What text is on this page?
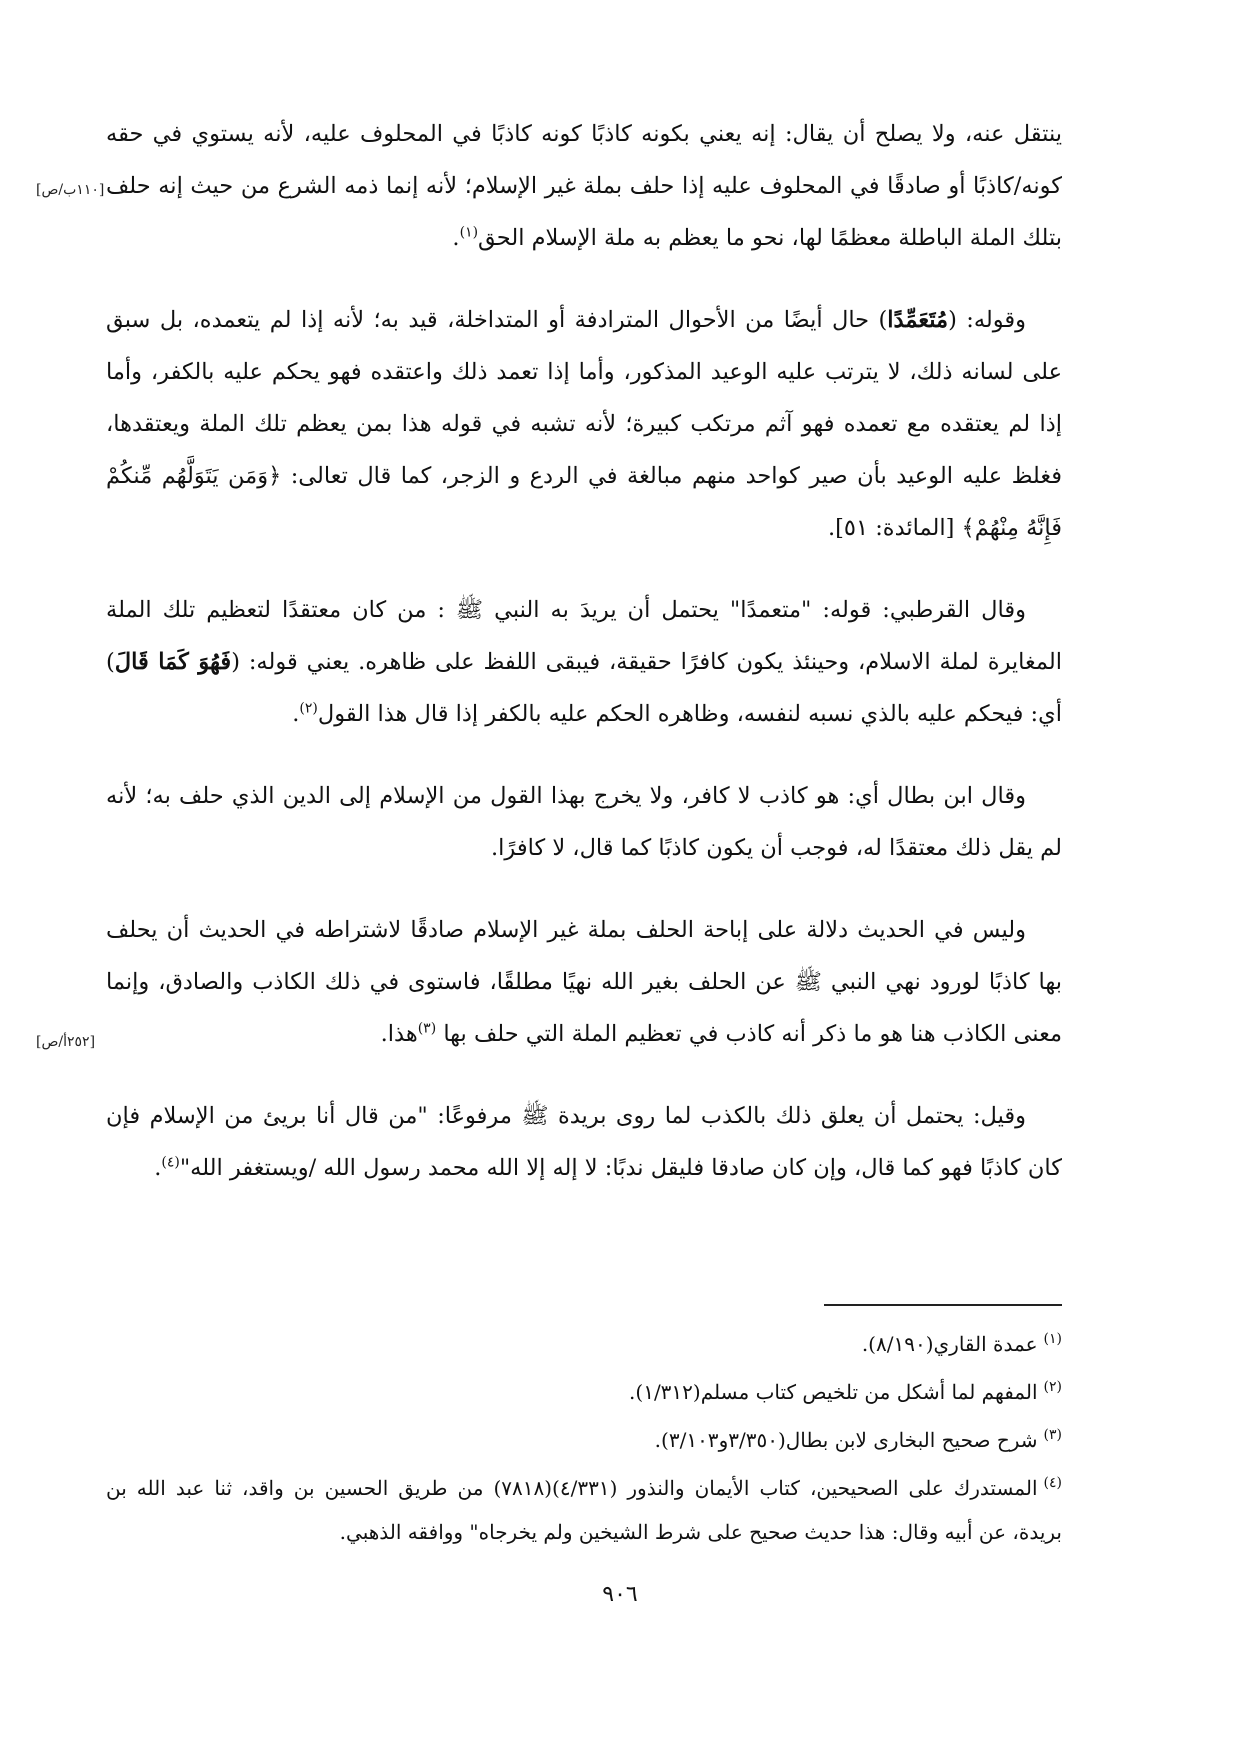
[١١٠ب/ص]
[٢٥٢أ/ص]

ينتقل عنه، ولا يصلح أن يقال: إنه يعني بكونه كاذبًا كونه كاذبًا في المحلوف عليه، لأنه يستوي في حقه كونه/كاذبًا أو صادقًا في المحلوف عليه إذا حلف بملة غير الإسلام؛ لأنه إنما ذمه الشرع من حيث إنه حلف بتلك الملة الباطلة معظمًا لها، نحو ما يعظم به ملة الإسلام الحق$^{(١)}$.

وقوله: (مُتَعَمِّدًا) حال أيضًا من الأحوال المترادفة أو المتداخلة، قيد به؛ لأنه إذا لم يتعمده، بل سبق على لسانه ذلك، لا يترتب عليه الوعيد المذكور، وأما إذا تعمد ذلك واعتقده فهو يحكم عليه بالكفر، وأما إذا لم يعتقده مع تعمده فهو آثم مرتكب كبيرة؛ لأنه تشبه في قوله هذا بمن يعظم تلك الملة ويعتقدها، فغلظ عليه الوعيد بأن صير كواحد منهم مبالغة في الردع و الزجر، كما قال تعالى: ﴿وَمَن يَتَوَلَّهُم مِّنكُمْ فَإِنَّهُ مِنْهُمْ﴾ [المائدة: ٥١].

وقال القرطبي: قوله: "متعمدًا" يحتمل أن يريدَ به النبي ﷺ : من كان معتقدًا لتعظيم تلك الملة المغايرة لملة الاسلام، وحينئذ يكون كافرًا حقيقة، فيبقى اللفظ على ظاهره. يعني قوله: (فَهُوَ كَمَا قَالَ) أي: فيحكم عليه بالذي نسبه لنفسه، وظاهره الحكم عليه بالكفر إذا قال هذا القول$^{(٢)}$.

وقال ابن بطال أي: هو كاذب لا كافر، ولا يخرج بهذا القول من الإسلام إلى الدين الذي حلف به؛ لأنه لم يقل ذلك معتقدًا له، فوجب أن يكون كاذبًا كما قال، لا كافرًا.

وليس في الحديث دلالة على إباحة الحلف بملة غير الإسلام صادقًا لاشتراطه في الحديث أن يحلف بها كاذبًا لورود نهي النبي ﷺ عن الحلف بغير الله نهيًا مطلقًا، فاستوى في ذلك الكاذب والصادق، وإنما معنى الكاذب هنا هو ما ذكر أنه كاذب في تعظيم الملة التي حلف بها $^{(٣)}$هذا.

وقيل: يحتمل أن يعلق ذلك بالكذب لما روى بريدة ﷺ مرفوعًا: "من قال أنا بريئ من الإسلام فإن كان كاذبًا فهو كما قال، وإن كان صادقا فليقل ندبًا: لا إله إلا الله محمد رسول الله /ويستغفر الله"$^{(٤)}$.

$^{(١)}$عمدة القاري(٨/١٩٠).

$^{(٢)}$المفهم لما أشكل من تلخيص كتاب مسلم(١/٣١٢).

$^{(٣)}$شرح صحيح البخارى لابن بطال(٣/٣٥٠و٣/١٠٣).

$^{(٤)}$المستدرك على الصحيحين، كتاب الأيمان والنذور (٤/٣٣١)(٧٨١٨) من طريق الحسين بن واقد، ثنا عبد الله بن بريدة، عن أبيه وقال: هذا حديث صحيح على شرط الشيخين ولم يخرجاه" ووافقه الذهبي.

٩٠٦
